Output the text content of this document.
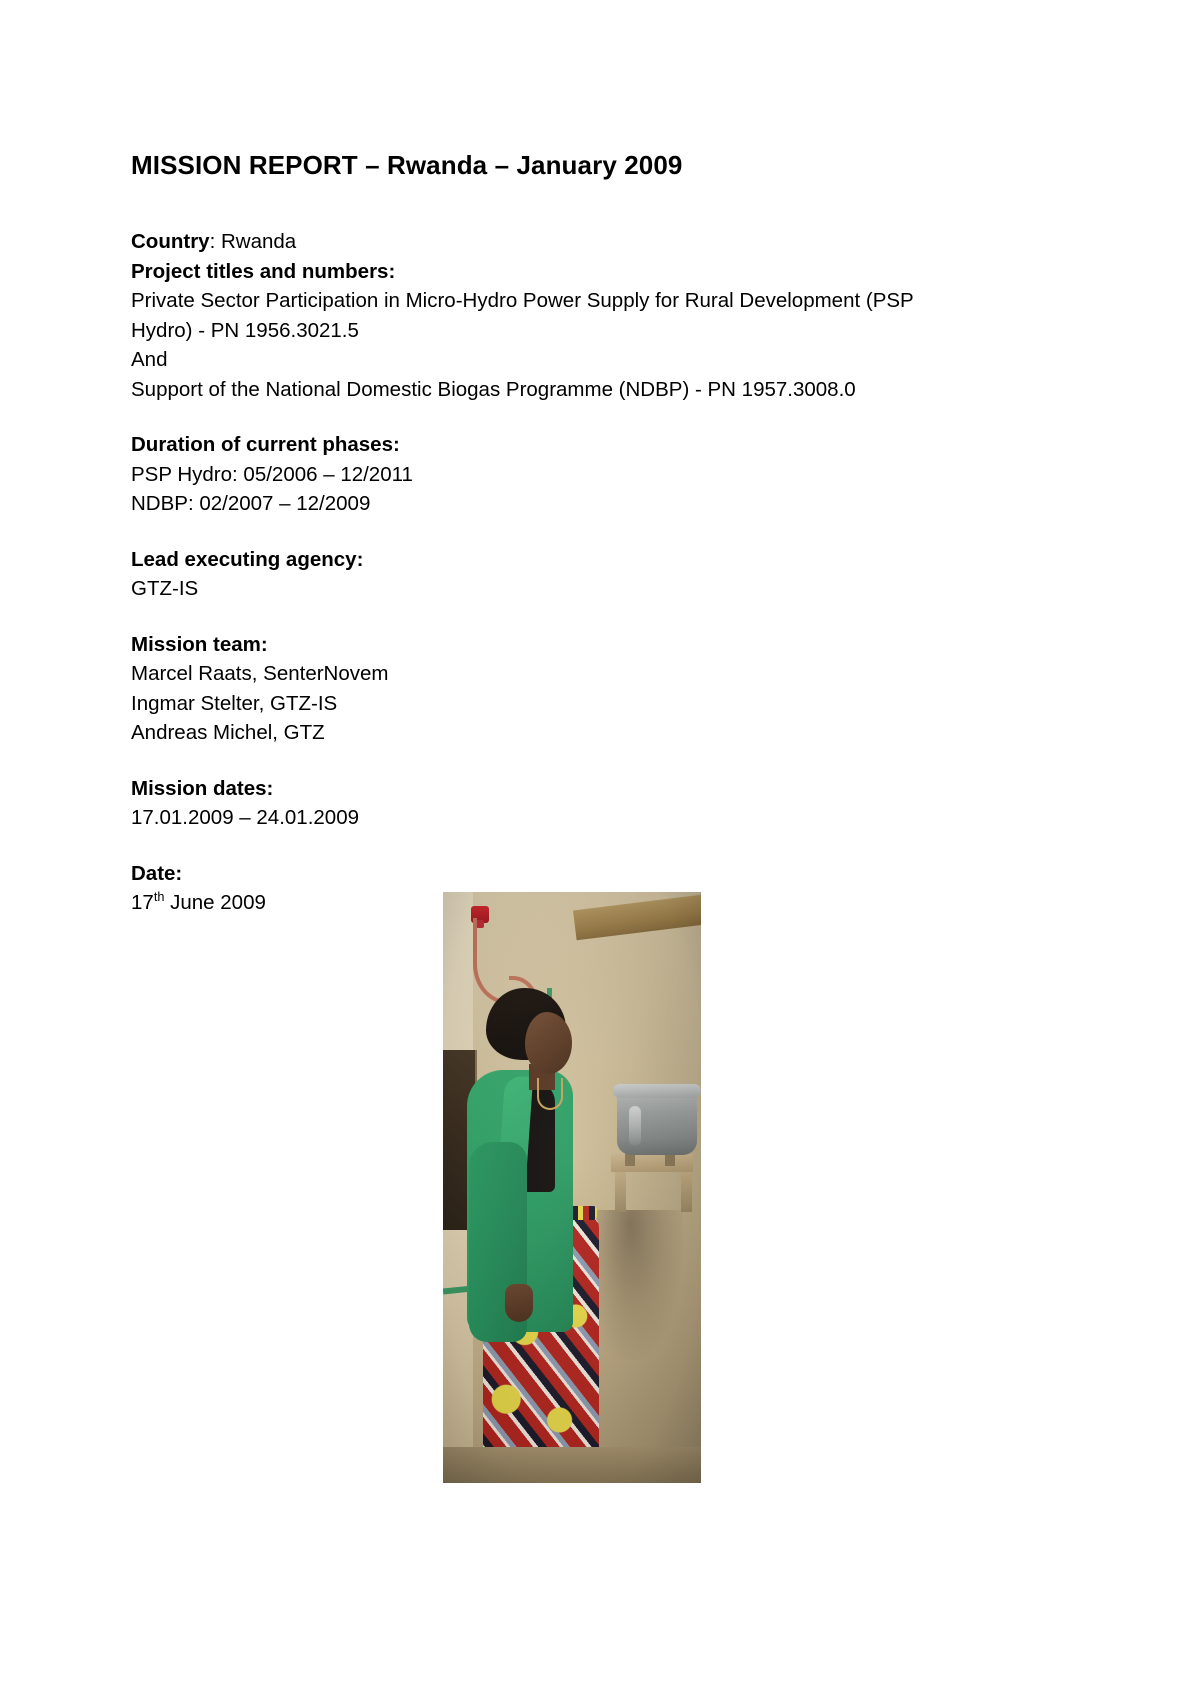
MISSION REPORT – Rwanda – January 2009

Country: Rwanda

Project titles and numbers:

Private Sector Participation in Micro-Hydro Power Supply for Rural Development (PSP Hydro) - PN 1956.3021.5

And

Support of the National Domestic Biogas Programme (NDBP) - PN 1957.3008.0

Duration of current phases:

PSP Hydro: 05/2006 – 12/2011

NDBP: 02/2007 – 12/2009

Lead executing agency:

GTZ-IS

Mission team:

Marcel Raats, SenterNovem

Ingmar Stelter, GTZ-IS

Andreas Michel, GTZ

Mission dates:

17.01.2009 – 24.01.2009

Date:

17th June 2009
